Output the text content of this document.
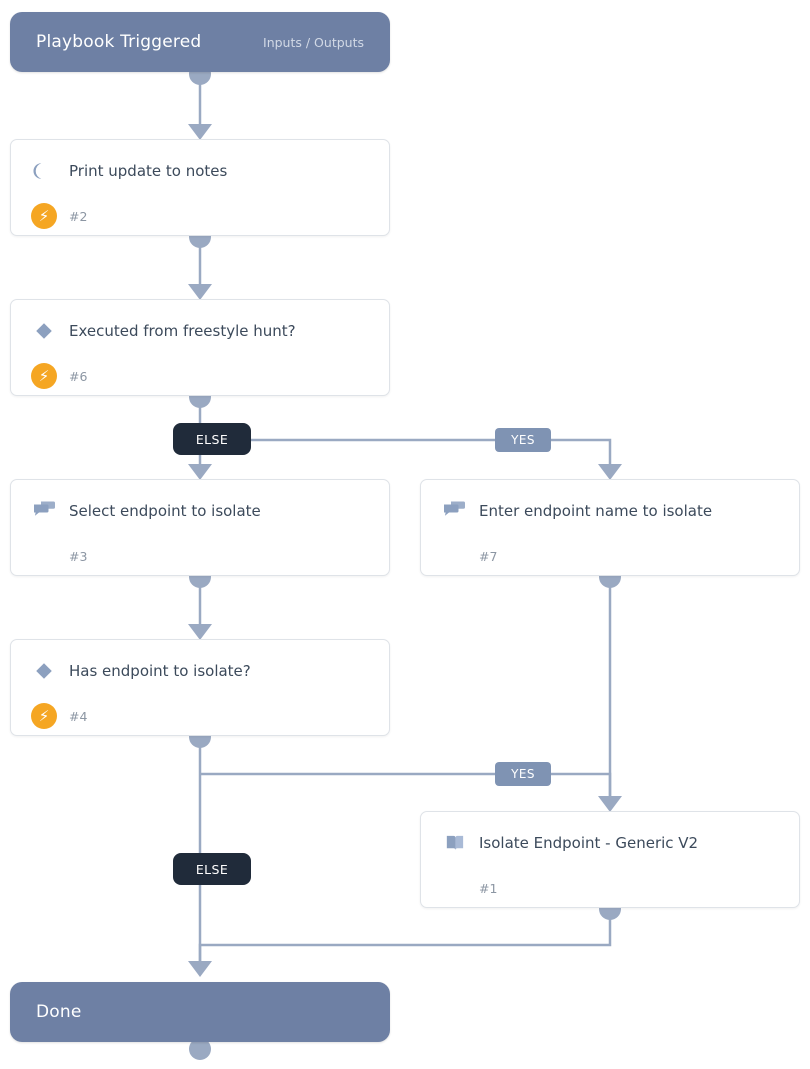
Playbook Triggered	Inputs / Outputs
Print update to notes
⚡	#2
Executed from freestyle hunt?
⚡	#6
ELSE	YES
Select endpoint to isolate
#3
Enter endpoint name to isolate
#7
Has endpoint to isolate?
⚡	#4
YES
ELSE
Isolate Endpoint - Generic V2
#1
Done
